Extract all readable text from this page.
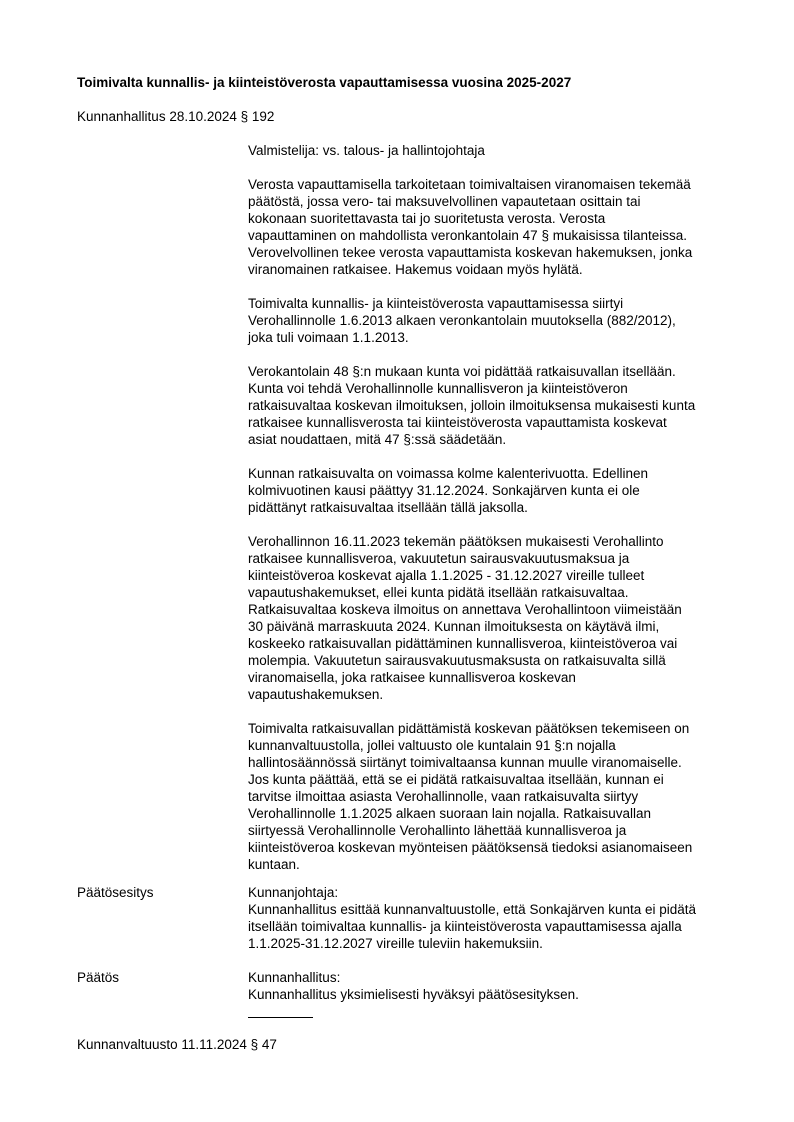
Toimivalta kunnallis- ja kiinteistöverosta vapauttamisessa vuosina 2025-2027
Kunnanhallitus 28.10.2024 § 192
Valmistelija: vs. talous- ja hallintojohtaja

Verosta vapauttamisella tarkoitetaan toimivaltaisen viranomaisen tekemää
päätöstä, jossa vero- tai maksuvelvollinen vapautetaan osittain tai
kokonaan suoritettavasta tai jo suoritetusta verosta. Verosta
vapauttaminen on mahdollista veronkantolain 47 § mukaisissa tilanteissa.
Verovelvollinen tekee verosta vapauttamista koskevan hakemuksen, jonka
viranomainen ratkaisee. Hakemus voidaan myös hylätä.

Toimivalta kunnallis- ja kiinteistöverosta vapauttamisessa siirtyi
Verohallinnolle 1.6.2013 alkaen veronkantolain muutoksella (882/2012),
joka tuli voimaan 1.1.2013.

Verokantolain 48 §:n mukaan kunta voi pidättää ratkaisuvallan itsellään.
Kunta voi tehdä Verohallinnolle kunnallisveron ja kiinteistöveron
ratkaisuvaltaa koskevan ilmoituksen, jolloin ilmoituksensa mukaisesti kunta
ratkaisee kunnallisverosta tai kiinteistöverosta vapauttamista koskevat
asiat noudattaen, mitä 47 §:ssä säädetään.

Kunnan ratkaisuvalta on voimassa kolme kalenterivuotta. Edellinen
kolmivuotinen kausi päättyy 31.12.2024. Sonkajärven kunta ei ole
pidättänyt ratkaisuvaltaa itsellään tällä jaksolla.

Verohallinnon 16.11.2023 tekemän päätöksen mukaisesti Verohallinto
ratkaisee kunnallisveroa, vakuutetun sairausvakuutusmaksua ja
kiinteistöveroa koskevat ajalla 1.1.2025 - 31.12.2027 vireille tulleet
vapautushakemukset, ellei kunta pidätä itsellään ratkaisuvaltaa.
Ratkaisuvaltaa koskeva ilmoitus on annettava Verohallintoon viimeistään
30 päivänä marraskuuta 2024. Kunnan ilmoituksesta on käytävä ilmi,
koskeeko ratkaisuvallan pidättäminen kunnallisveroa, kiinteistöveroa vai
molempia. Vakuutetun sairausvakuutusmaksusta on ratkaisuvalta sillä
viranomaisella, joka ratkaisee kunnallisveroa koskevan
vapautushakemuksen.

Toimivalta ratkaisuvallan pidättämistä koskevan päätöksen tekemiseen on
kunnanvaltuustolla, jollei valtuusto ole kuntalain 91 §:n nojalla
hallintosäännössä siirtänyt toimivaltaansa kunnan muulle viranomaiselle.
Jos kunta päättää, että se ei pidätä ratkaisuvaltaa itsellään, kunnan ei
tarvitse ilmoittaa asiasta Verohallinnolle, vaan ratkaisuvalta siirtyy
Verohallinnolle 1.1.2025 alkaen suoraan lain nojalla. Ratkaisuvallan
siirtyessä Verohallinnolle Verohallinto lähettää kunnallisveroa ja
kiinteistöveroa koskevan myönteisen päätöksensä tiedoksi asianomaiseen
kuntaan.

Päätösesitys	Kunnanjohtaja:
Kunnanhallitus esittää kunnanvaltuustolle, että Sonkajärven kunta ei pidätä
itsellään toimivaltaa kunnallis- ja kiinteistöverosta vapauttamisessa ajalla
1.1.2025-31.12.2027 vireille tuleviin hakemuksiin.
Päätös	Kunnanhallitus:
Kunnanhallitus yksimielisesti hyväksyi päätösesityksen.
Kunnanvaltuusto 11.11.2024 § 47
